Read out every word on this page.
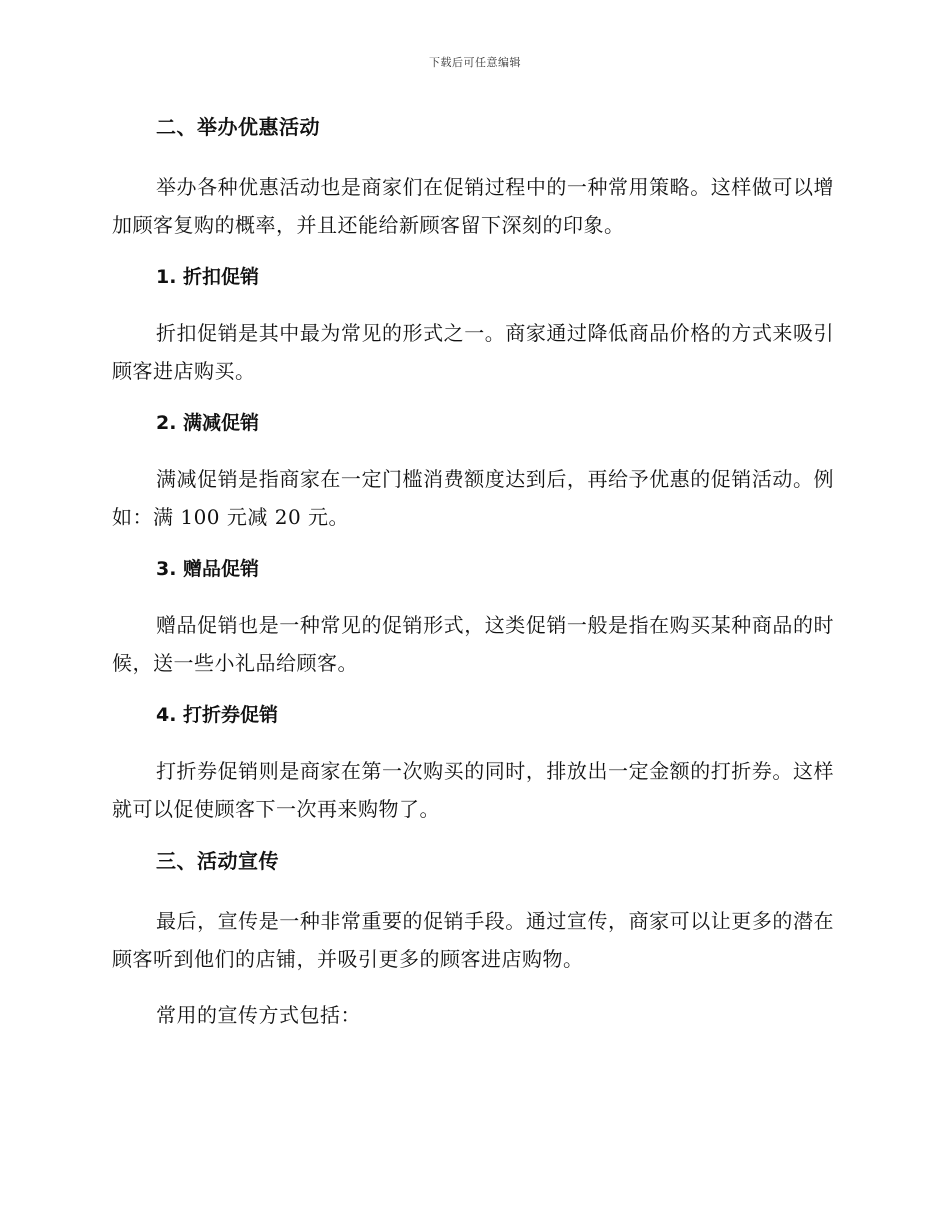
下载后可任意编辑
二、举办优惠活动

举办各种优惠活动也是商家们在促销过程中的一种常用策略。这样做可以增加顾客复购的概率，并且还能给新顾客留下深刻的印象。

1. 折扣促销

折扣促销是其中最为常见的形式之一。商家通过降低商品价格的方式来吸引顾客进店购买。

2. 满减促销

满减促销是指商家在一定门槛消费额度达到后，再给予优惠的促销活动。例如：满 100 元减 20 元。

3. 赠品促销

赠品促销也是一种常见的促销形式，这类促销一般是指在购买某种商品的时候，送一些小礼品给顾客。

4. 打折券促销

打折券促销则是商家在第一次购买的同时，排放出一定金额的打折券。这样就可以促使顾客下一次再来购物了。

三、活动宣传

最后，宣传是一种非常重要的促销手段。通过宣传，商家可以让更多的潜在顾客听到他们的店铺，并吸引更多的顾客进店购物。

常用的宣传方式包括：
